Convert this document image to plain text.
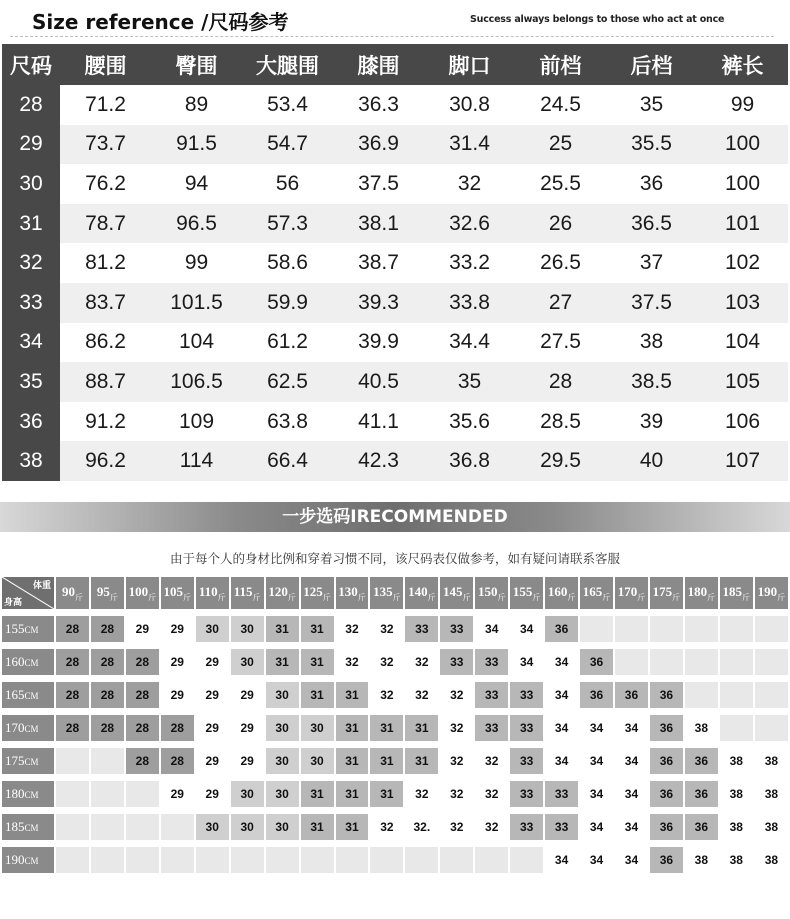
Size reference /尺码参考	Success always belongs to those who act at once
尺码	腰围	臀围	大腿围	膝围	脚口	前档	后档	裤长
28	71.2	89	53.4	36.3	30.8	24.5	35	99
29	73.7	91.5	54.7	36.9	31.4	25	35.5	100
30	76.2	94	56	37.5	32	25.5	36	100
31	78.7	96.5	57.3	38.1	32.6	26	36.5	101
32	81.2	99	58.6	38.7	33.2	26.5	37	102
33	83.7	101.5	59.9	39.3	33.8	27	37.5	103
34	86.2	104	61.2	39.9	34.4	27.5	38	104
35	88.7	106.5	62.5	40.5	35	28	38.5	105
36	91.2	109	63.8	41.1	35.6	28.5	39	106
38	96.2	114	66.4	42.3	36.8	29.5	40	107
一步选码IRECOMMENDED
由于每个人的身材比例和穿着习惯不同，该尺码表仅做参考，如有疑问请联系客服
体重
身高	$90_斤$	$95_斤$	$100_斤$	$105_斤$	$110_斤$	$115_斤$	$120_斤$	$125_斤$	$130_斤$	$135_斤$	$140_斤$	$145_斤$	$150_斤$	$155_斤$	$160_斤$	$165_斤$	$170_斤$	$175_斤$	$180_斤$	$185_斤$	$190_斤$

155CM	28	28	29	29	30	30	31	31	32	32	33	33	34	34	36						

160CM	28	28	28	29	29	30	31	31	32	32	32	33	33	34	34	36					

165CM	28	28	28	29	29	29	30	31	31	32	32	32	33	33	34	36	36	36			

170CM	28	28	28	28	29	29	30	30	31	31	31	32	33	33	34	34	34	36	38		

175CM			28	28	29	29	30	30	31	31	31	32	32	33	34	34	34	36	36	38	38

180CM				29	29	30	30	31	31	31	32	32	32	33	33	34	34	36	36	38	38

185CM					30	30	30	31	31	32	32.	32	32	33	33	34	34	36	36	38	38

190CM															34	34	34	36	38	38	38
